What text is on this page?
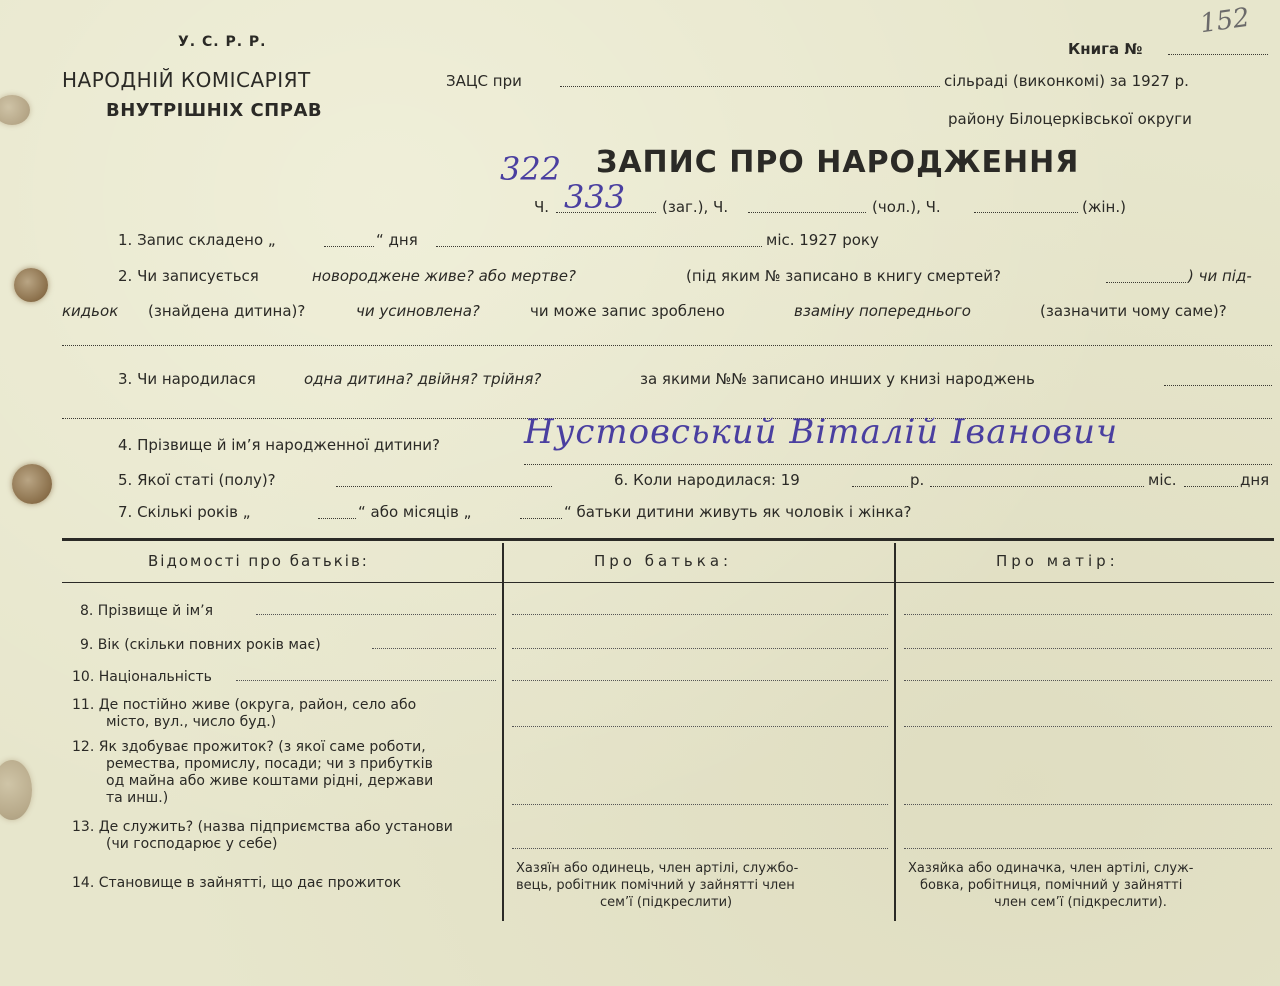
У. С. Р. Р.
НАРОДНІЙ КОМІСАРІЯТ
ВНУТРІШНІХ СПРАВ
Книга №
152
ЗАЦС при	сільраді (виконкомі) за 1927 р.
району Білоцерківської округи
ЗАПИС ПРО НАРОДЖЕННЯ
322
Ч. 333 (заг.), Ч.	(чол.), Ч.	(жін.)
1. Запис складено „	“ дня	міс. 1927 року
2. Чи записується	новороджене живе? або мертве?	(під яким № записано в книгу смертей?	) чи під-
кидьок (знайдена дитина)?	чи усиновлена?	чи може запис зроблено	взаміну попереднього	(зазначити чому саме)?
3. Чи народилася	одна дитина? двійня? трійня?	за якими №№ записано инших у книзі народжень
4. Прізвище й ім’я народженної дитини? Нустовський Віталій Іванович
5. Якої статі (полу)?	6. Коли народилася: 19	р.	міс.	дня
7. Скількі років „	“ або місяців „	“ батьки дитини живуть як чоловік і жінка?
Відомості про батьків:	Про батька:	Про матір:
8. Прізвище й ім’я
9. Вік (скільки повних років має)
10. Національність
11. Де постійно живе (округа, район, село або
місто, вул., число буд.)
12. Як здобуває прожиток? (з якої саме роботи,
ремества, промислу, посади; чи з прибутків
од майна або живе коштами рідні, держави
та инш.)
13. Де служить? (назва підприємства або установи
(чи господарює у себе)
14. Становище в зайнятті, що дає прожиток
Хазяїн або одинець, член артілі, службо-
вець, робітник помічний у зайнятті член
сем’ї (підкреслити)
Хазяйка або одиначка, член артілі, служ-
бовка, робітниця, помічний у зайнятті
член сем’ї (підкреслити).
